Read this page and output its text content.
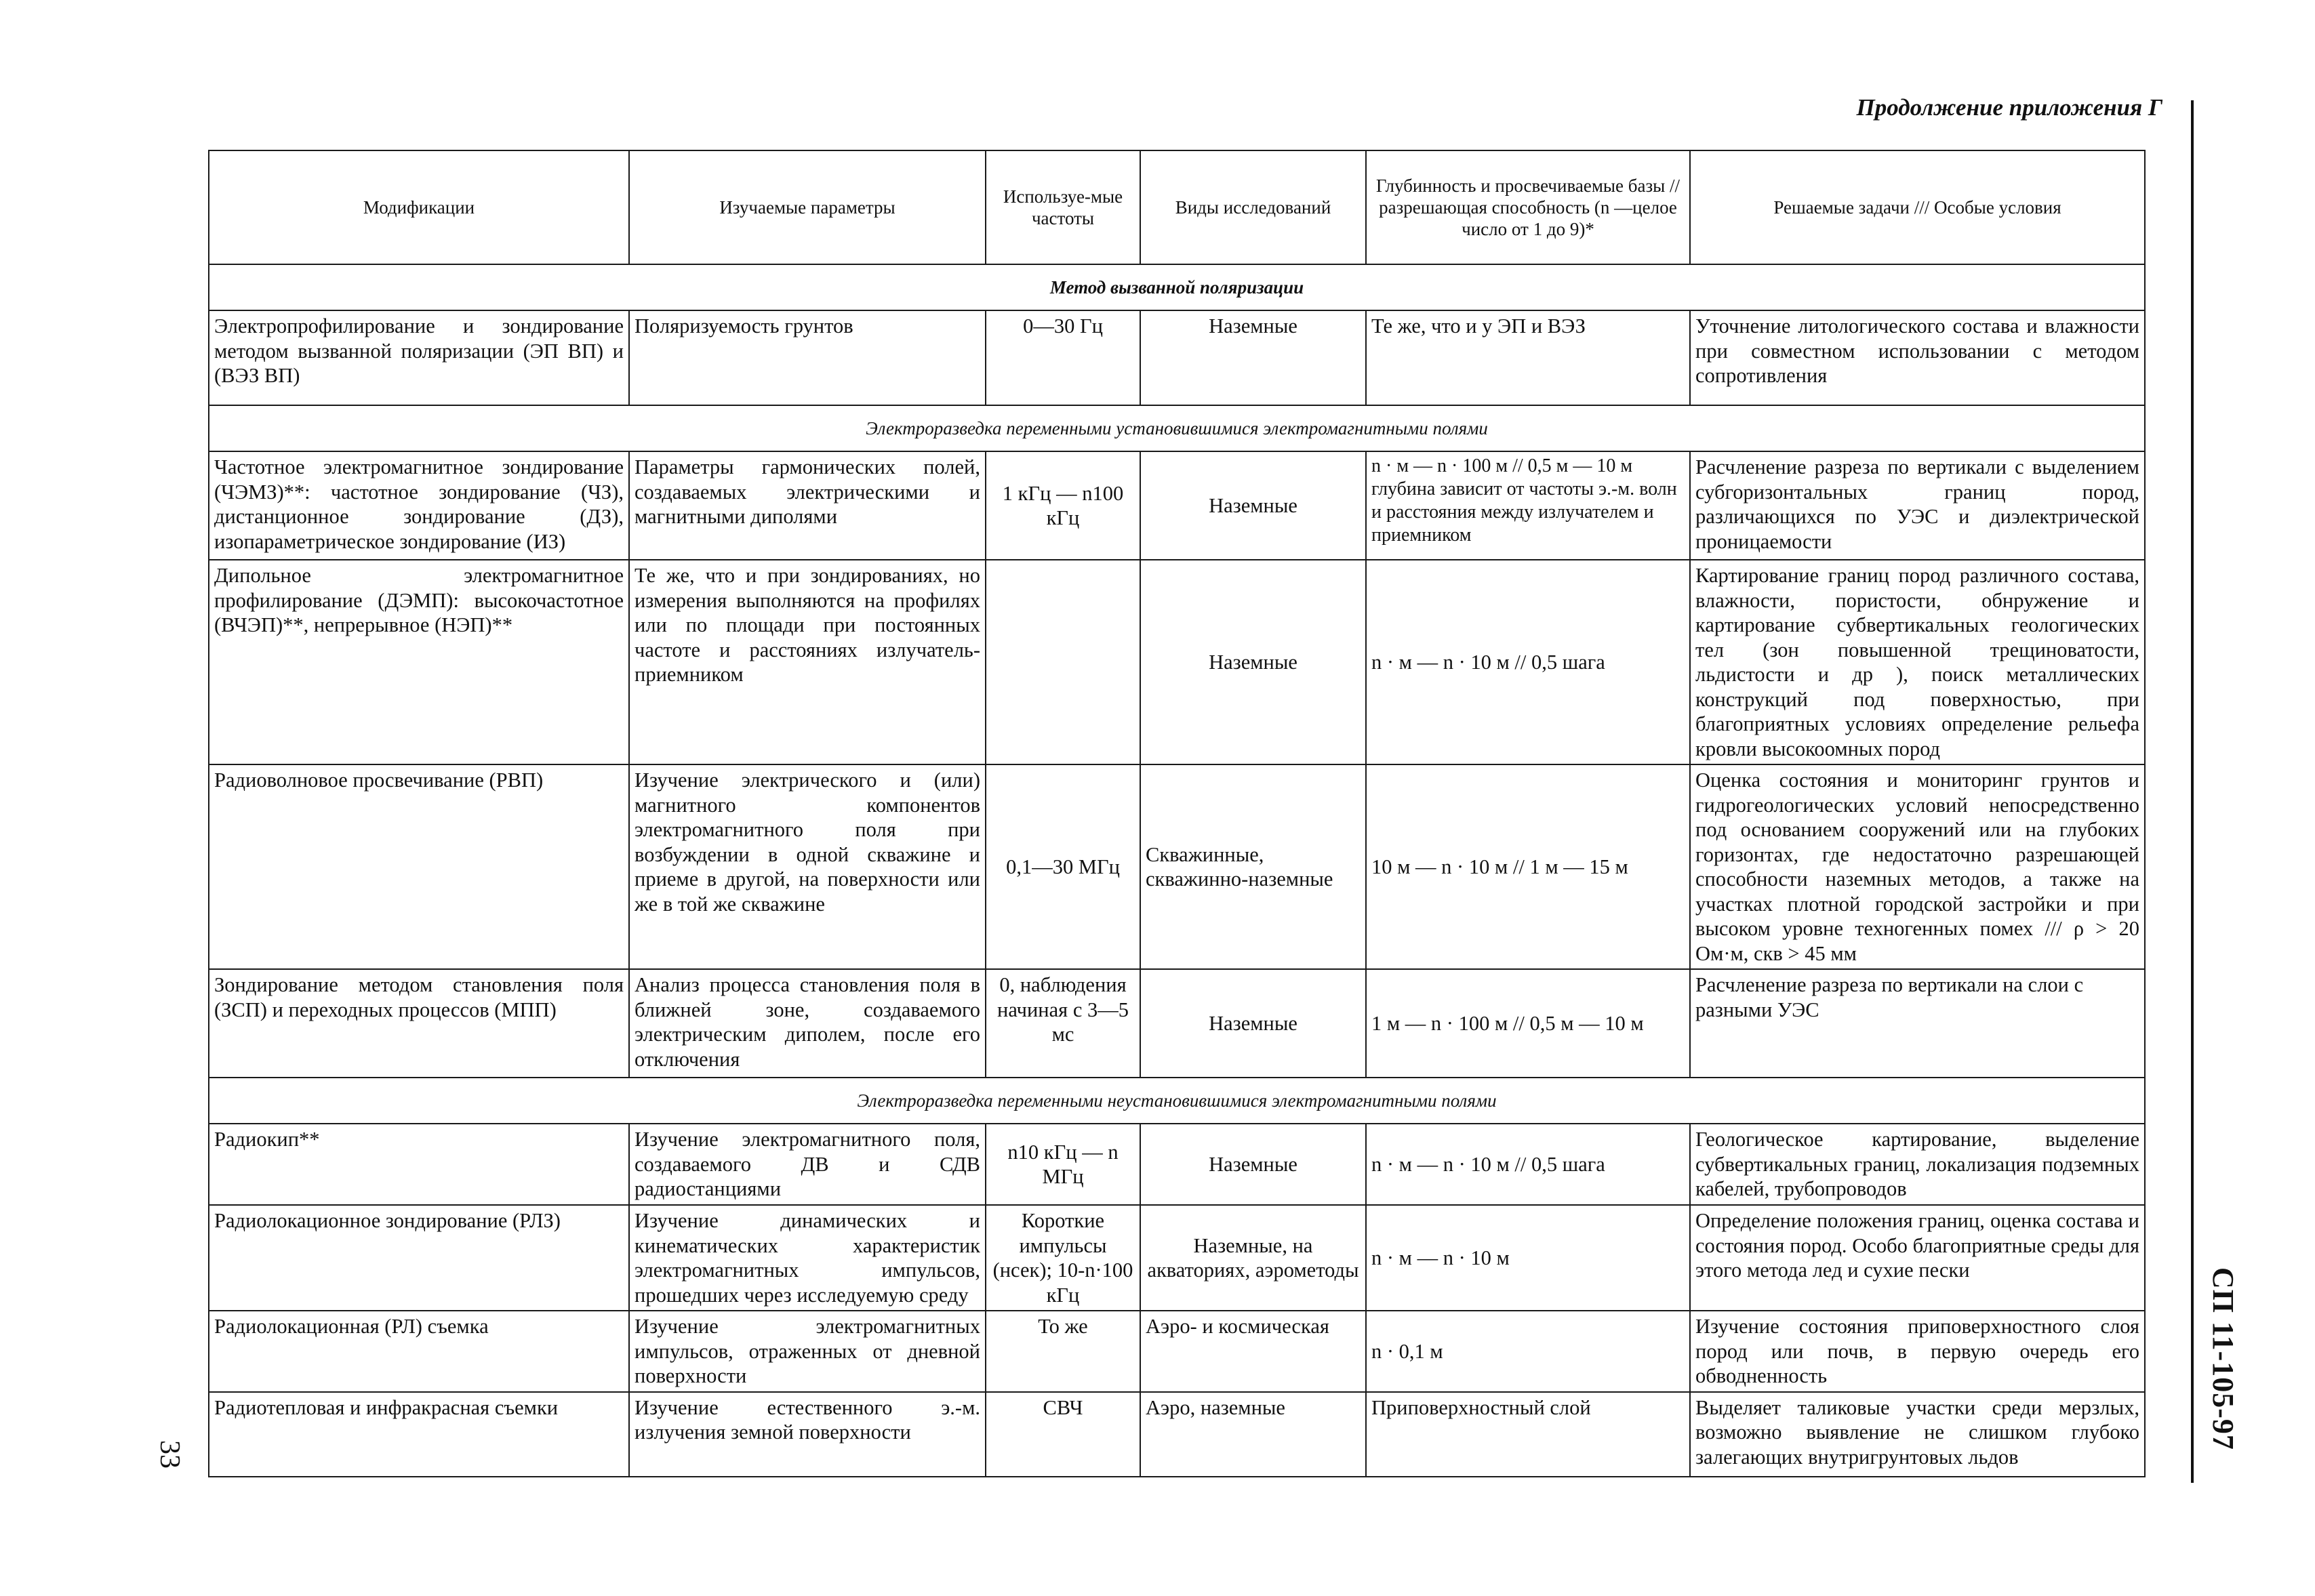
Продолжение приложения Г
СП 11-105-97
33
Модификации	Изучаемые параметры	Используе-мые частоты	Виды исследований	Глубинность и просвечиваемые базы // разрешающая способность (n —целое число от 1 до 9)*	Решаемые задачи /// Особые условия
Метод вызванной поляризации					
Электропрофилирование и зондирование методом вызванной поляризации (ЭП ВП) и (ВЭЗ ВП)	Поляризуемость грунтов	0—30 Гц	Наземные	Те же, что и у ЭП и ВЭЗ	Уточнение литологического состава и влажности при совместном использовании с методом сопротивления
Электроразведка переменными установившимися электромагнитными полями					
Частотное электромагнитное зондирование (ЧЭМЗ)**: частотное зондирование (ЧЗ), дистанционное зондирование (ДЗ), изопараметрическое зондирование (ИЗ)	Параметры гармонических полей, создаваемых электрическими и магнитными диполями	1 кГц — n100 кГц	Наземные	n · м — n · 100 м // 0,5 м — 10 м глубина зависит от частоты э.-м. волн и расстояния между излучателем и приемником	Расчленение разреза по вертикали с выделением субгоризонтальных границ пород, различающихся по УЭС и диэлектрической проницаемости
Дипольное электромагнитное профилирование (ДЭМП): высокочастотное (ВЧЭП)**, непрерывное (НЭП)**	Те же, что и при зондированиях, но измерения выполняются на профилях или по площади при постоянных частоте и расстояниях излучатель-приемником		Наземные	n · м — n · 10 м // 0,5 шага	Картирование границ пород различного состава, влажности, пористости, обнружение и картирование субвертикальных геологических тел (зон повышенной трещиноватости, льдистости и др ), поиск металлических конструкций под поверхностью, при благоприятных условиях определение рельефа кровли высокоомных пород
Радиоволновое просвечивание (РВП)	Изучение электрического и (или) магнитного компонентов электромагнитного поля при возбуждении в одной скважине и приеме в другой, на поверхности или же в той же скважине	0,1—30 МГц	Скважинные, скважинно-наземные	10 м — n · 10 м // 1 м — 15 м	Оценка состояния и мониторинг грунтов и гидрогеологических условий непосредственно под основанием сооружений или на глубоких горизонтах, где недостаточно разрешающей способности наземных методов, а также на участках плотной городской застройки и при высоком уровне техногенных помех /// ρ > 20 Ом·м, скв > 45 мм
Зондирование методом становления поля (ЗСП) и переходных процессов (МПП)	Анализ процесса становления поля в ближней зоне, создаваемого электрическим диполем, после его отключения	0, наблюдения начиная с 3—5 мс	Наземные	1 м — n · 100 м // 0,5 м — 10 м	Расчленение разреза по вертикали на слои с разными УЭС
Электроразведка переменными неустановившимися электромагнитными полями					
Радиокип**	Изучение электромагнитного поля, создаваемого ДВ и СДВ радиостанциями	n10 кГц — n МГц	Наземные	n · м — n · 10 м // 0,5 шага	Геологическое картирование, выделение субвертикальных границ, локализация подземных кабелей, трубопроводов
Радиолокационное зондирование (РЛЗ)	Изучение динамических и кинематических характеристик электромагнитных импульсов, прошедших через исследуемую среду	Короткие импульсы (нсек); 10-n·100 кГц	Наземные, на акваториях, аэрометоды	n · м — n · 10 м	Определение положения границ, оценка состава и состояния пород. Особо благоприятные среды для этого метода лед и сухие пески
Радиолокационная (РЛ) съемка	Изучение электромагнитных импульсов, отраженных от дневной поверхности	То же	Аэро- и космическая	n · 0,1 м	Изучение состояния приповерхностного слоя пород или почв, в первую очередь его обводненность
Радиотепловая и инфракрасная съемки	Изучение естественного э.-м. излучения земной поверхности	СВЧ	Аэро, наземные	Приповерхностный слой	Выделяет таликовые участки среди мерзлых, возможно выявление не слишком глубоко залегающих внутригрунтовых льдов
